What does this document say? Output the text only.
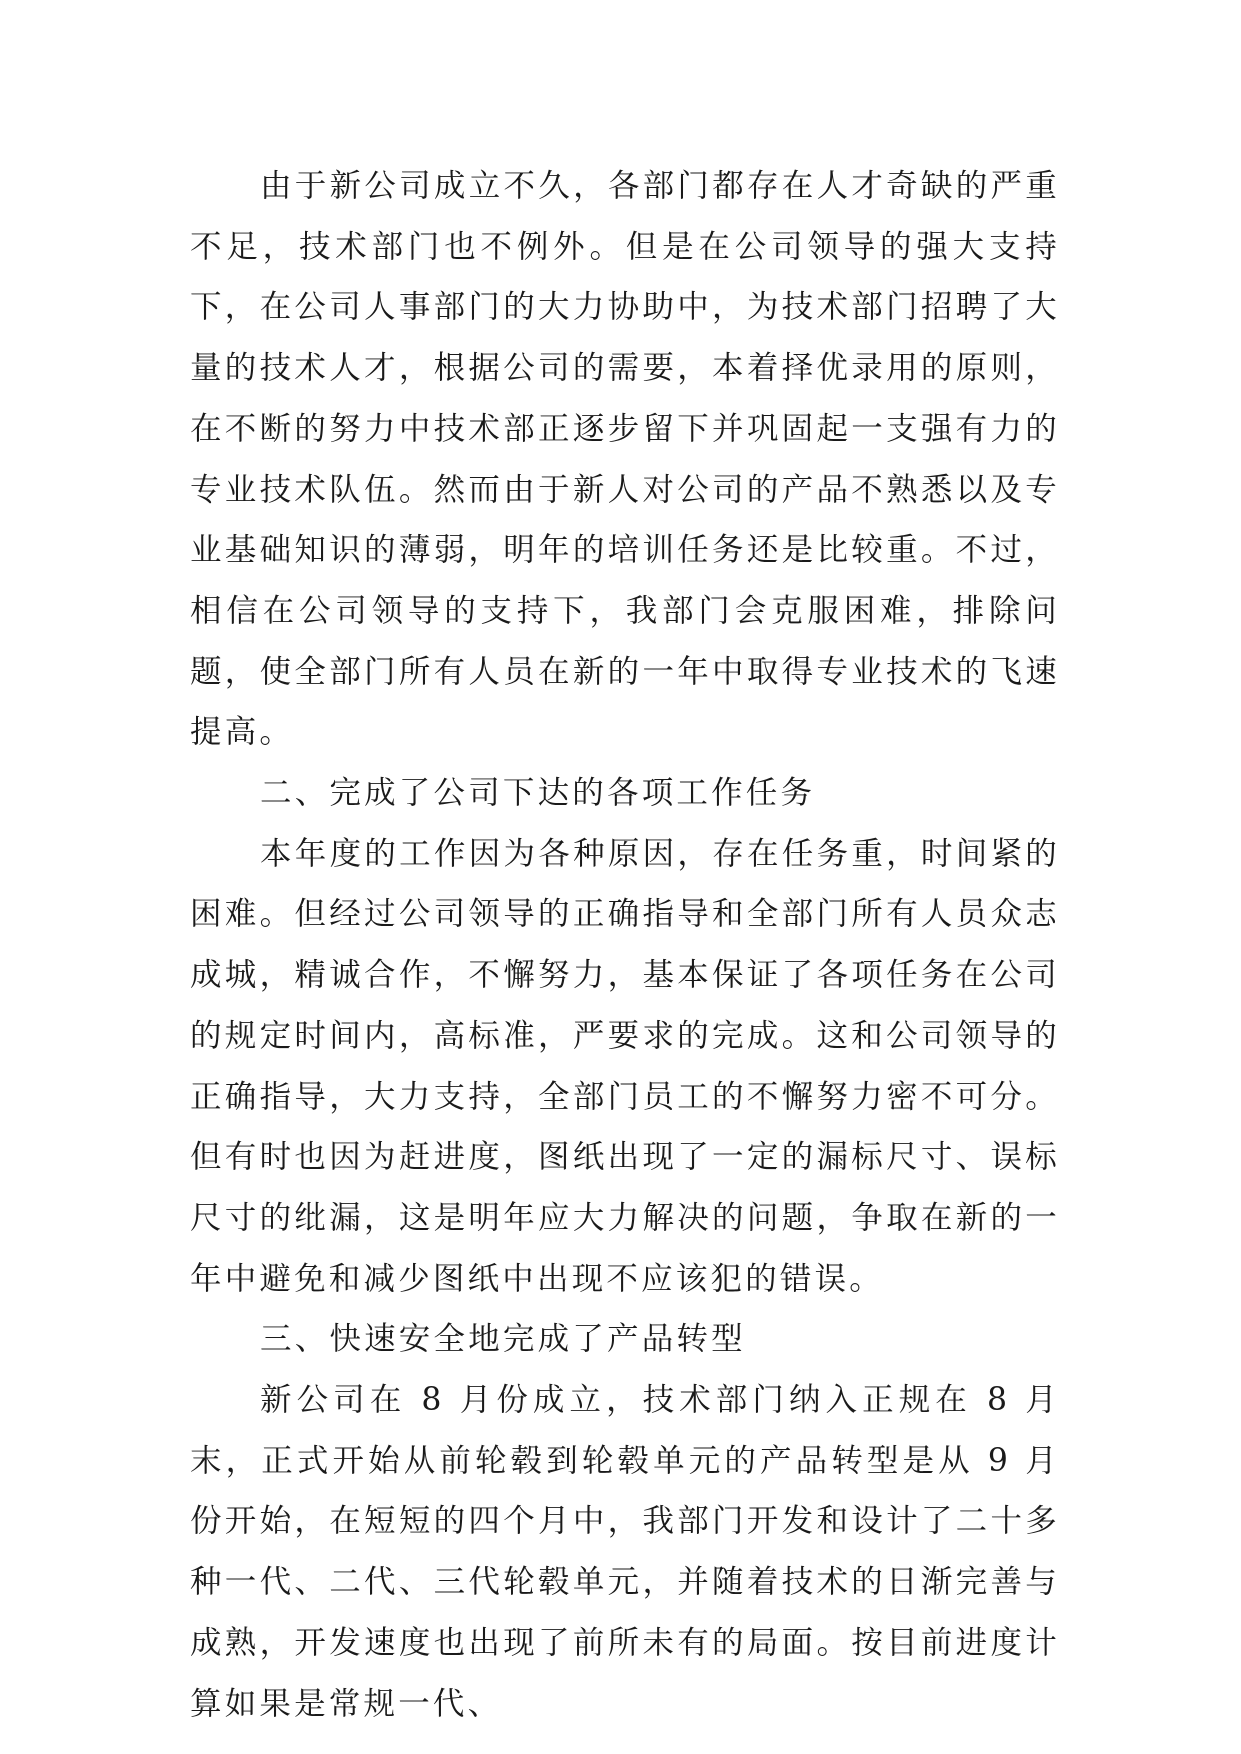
由于新公司成立不久，各部门都存在人才奇缺的严重不足，技术部门也不例外。但是在公司领导的强大支持下，在公司人事部门的大力协助中，为技术部门招聘了大量的技术人才，根据公司的需要，本着择优录用的原则，在不断的努力中技术部正逐步留下并巩固起一支强有力的专业技术队伍。然而由于新人对公司的产品不熟悉以及专业基础知识的薄弱，明年的培训任务还是比较重。不过，相信在公司领导的支持下，我部门会克服困难，排除问题，使全部门所有人员在新的一年中取得专业技术的飞速提高。

二、完成了公司下达的各项工作任务

本年度的工作因为各种原因，存在任务重，时间紧的困难。但经过公司领导的正确指导和全部门所有人员众志成城，精诚合作，不懈努力，基本保证了各项任务在公司的规定时间内，高标准，严要求的完成。这和公司领导的正确指导，大力支持，全部门员工的不懈努力密不可分。但有时也因为赶进度，图纸出现了一定的漏标尺寸、误标尺寸的纰漏，这是明年应大力解决的问题，争取在新的一年中避免和减少图纸中出现不应该犯的错误。

三、快速安全地完成了产品转型

新公司在 8 月份成立，技术部门纳入正规在 8 月末，正式开始从前轮毂到轮毂单元的产品转型是从 9 月份开始，在短短的四个月中，我部门开发和设计了二十多种一代、二代、三代轮毂单元，并随着技术的日渐完善与成熟，开发速度也出现了前所未有的局面。按目前进度计算如果是常规一代、
